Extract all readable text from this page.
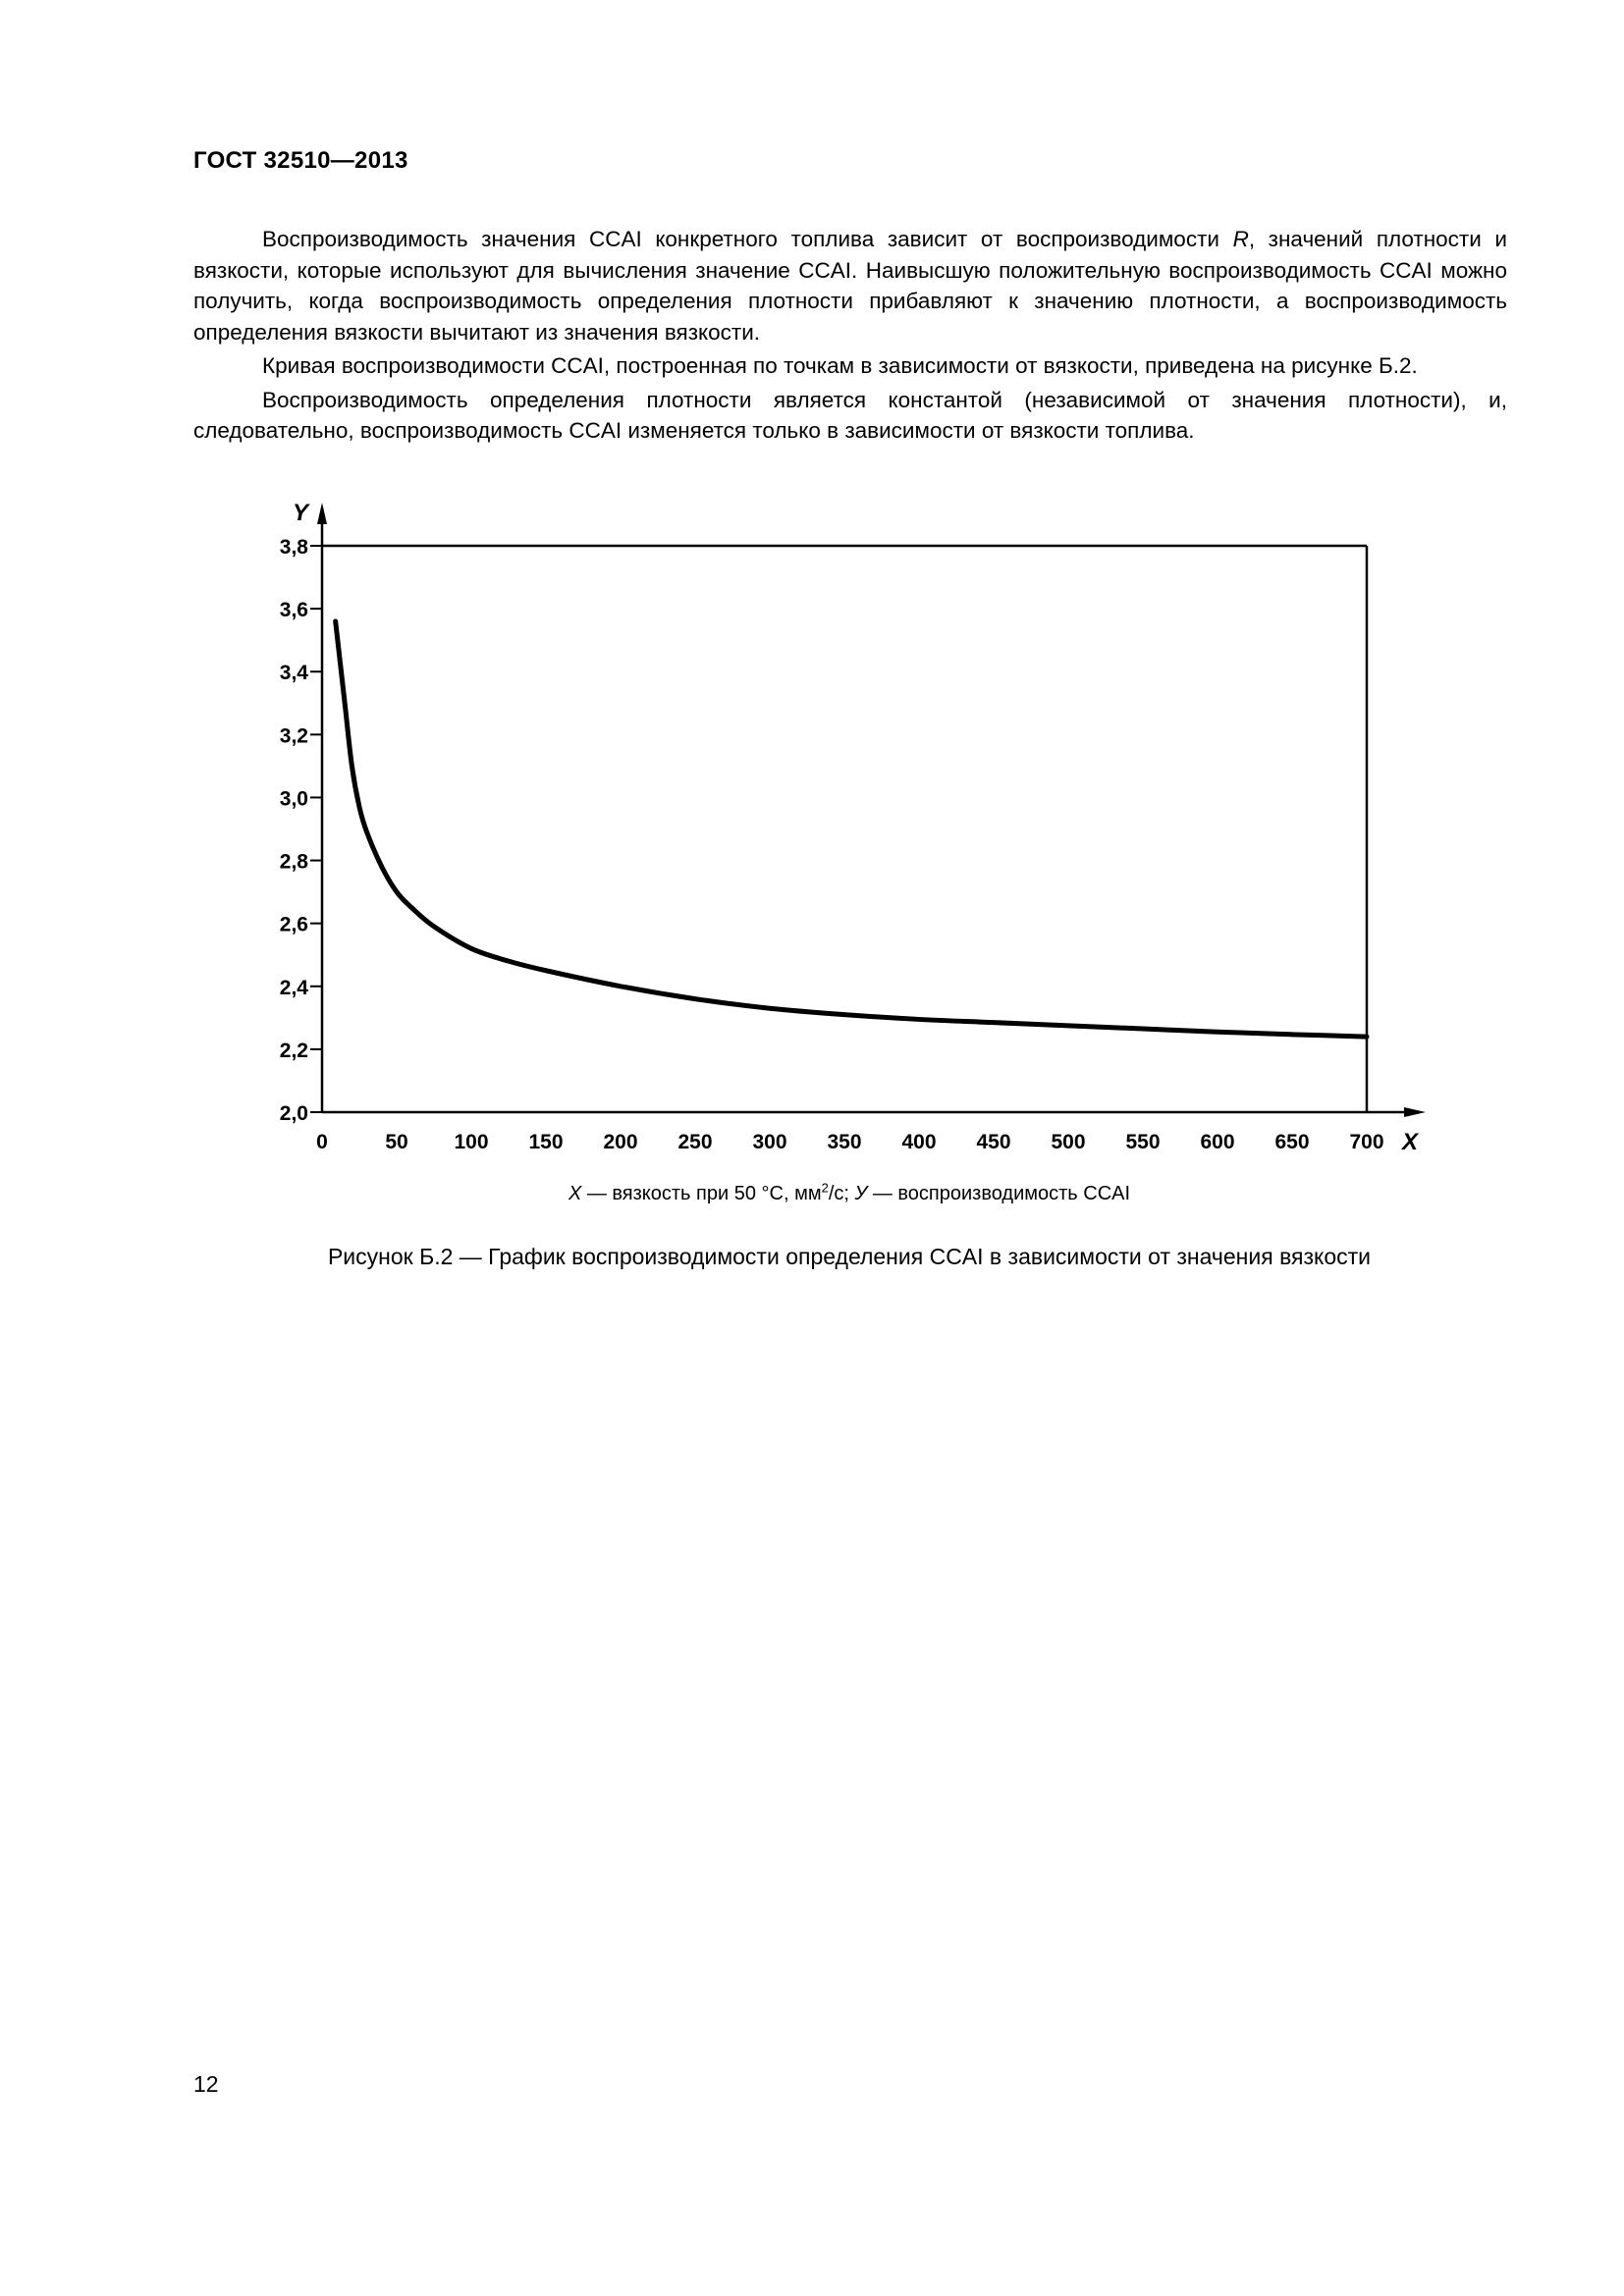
ГОСТ 32510—2013

Воспроизводимость значения CCAI конкретного топлива зависит от воспроизводимости R, значений плотности и вязкости, которые используют для вычисления значение CCAI. Наивысшую положительную воспроизводимость CCAI можно получить, когда воспроизводимость определения плотности прибавляют к значению плотности, а воспроизводимость определения вязкости вычитают из значения вязкости.

Кривая воспроизводимости CCAI, построенная по точкам в зависимости от вязкости, приведена на рисунке Б.2.

Воспроизводимость определения плотности является константой (независимой от значения плотности), и, следовательно, воспроизводимость CCAI изменяется только в зависимости от вязкости топлива.

Y
X
2,0
2,2
2,4
2,6
2,8
3,0
3,2
3,4
3,6
3,8
0	50 100 150 200 250 300 350 400 450 500 550 600 650 700
X — вязкость при 50 °C, $мм^2/с$; У — воспроизводимость CCAI
Рисунок Б.2 — График воспроизводимости определения CCAI в зависимости от значения вязкости
12
